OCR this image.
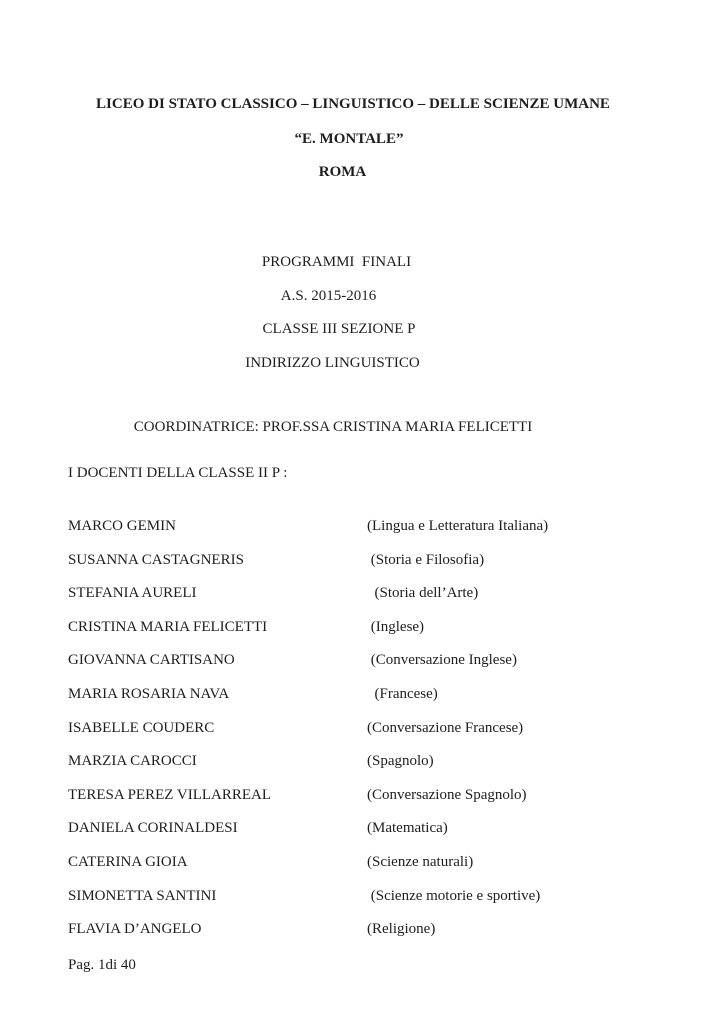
LICEO DI STATO CLASSICO – LINGUISTICO – DELLE SCIENZE UMANE
“E. MONTALE”
ROMA
PROGRAMMI  FINALI
A.S. 2015-2016
CLASSE III SEZIONE P
INDIRIZZO LINGUISTICO
COORDINATRICE: PROF.SSA CRISTINA MARIA FELICETTI
I DOCENTI DELLA CLASSE II P :
MARCO GEMIN	(Lingua e Letteratura Italiana)
SUSANNA CASTAGNERIS	(Storia e Filosofia)
STEFANIA AURELI	(Storia dell’Arte)
CRISTINA MARIA FELICETTI	(Inglese)
GIOVANNA CARTISANO	(Conversazione Inglese)
MARIA ROSARIA NAVA	(Francese)
ISABELLE COUDERC	(Conversazione Francese)
MARZIA CAROCCI	(Spagnolo)
TERESA PEREZ VILLARREAL	(Conversazione Spagnolo)
DANIELA CORINALDESI	(Matematica)
CATERINA GIOIA	(Scienze naturali)
SIMONETTA SANTINI	(Scienze motorie e sportive)
FLAVIA D’ANGELO	(Religione)
Pag. 1di 40
